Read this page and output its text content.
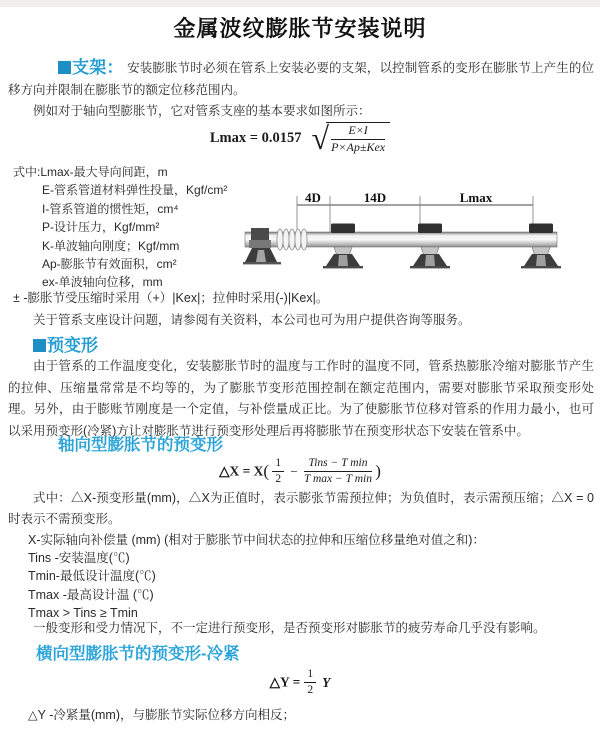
金属波纹膨胀节安装说明

支架： 安装膨胀节时必须在管系上安装必要的支架，以控制管系的变形在膨胀节上产生的位移方向并限制在膨胀节的额定位移范围内。

例如对于轴向型膨胀节，它对管系支座的基本要求如图所示：

Lmax = 0.0157 √ $\frac{E\times I}{\text{P×Ap±Kex}}$
式中:Lmax-最大导向间距，m
E-管系管道材料弹性投量，Kgf/cm²
I-管系管道的惯性矩，cm⁴
P-设计压力，Kgf/mm²
K-单波轴向刚度；Kgf/mm
Ap-膨胀节有效面积，cm²
ex-单波轴向位移，mm
4D	14D	Lmax

± -膨胀节受压缩时采用（+）|Kex|；拉伸时采用(-)|Kex|。

关于管系支座设计问题，请参阅有关资料，本公司也可为用户提供咨询等服务。

预变形

由于管系的工作温度变化，安装膨胀节时的温度与工作时的温度不同，管系热膨胀冷缩对膨胀节产生的拉伸、压缩量常常是不均等的，为了膨胀节变形范围控制在额定范围内，需要对膨胀节采取预变形处理。另外，由于膨账节刚度是一个定值，与补偿量成正比。为了使膨胀节位移对管系的作用力最小，也可以采用预变形(冷紧)方让对膨胀节进行预变形处理后再将膨胀节在预变形状态下安装在管系中。

轴向型膨胀节的预变形
△X = $X( \frac{1}{2} - \frac{\text{Tins − T min}}{\text{T max − T min}}$ )

式中：△X-预变形量(mm)，△X为正值时，表示膨张节需预拉伸；为负值时，表示需预压缩；△X = 0时表示不需预变形。

X-实际轴向补偿量 (mm) (相对于膨胀节中间状态的拉伸和压缩位移量绝对值之和)：
Tins -安装温度(℃)
Tmin-最低设计温度(℃)
Tmax -最高设计温 (℃)
Tmax > Tins ≥ Tmin

一般变形和受力情况下，不一定进行预变形，是否预变形对膨胀节的疲劳寿命几乎没有影响。

横向型膨胀节的预变形-冷紧
△Y = $\frac{1}{2}$ Y

△Y -冷紧量(mm)，与膨胀节实际位移方向相反；
